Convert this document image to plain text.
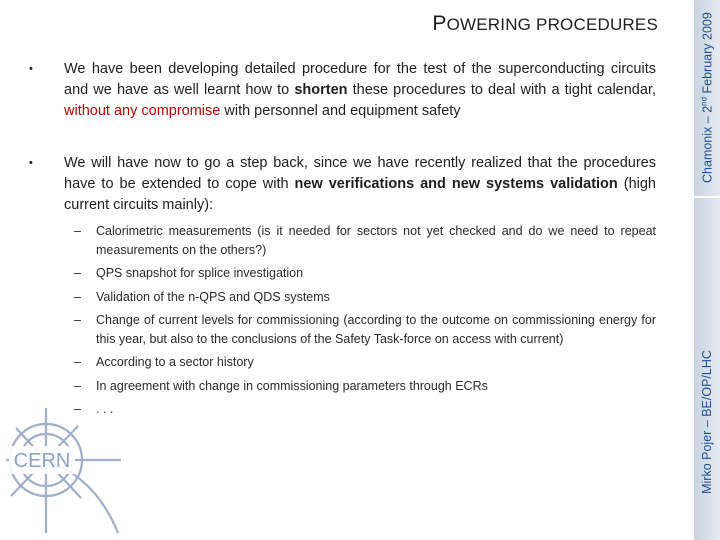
POWERING PROCEDURES
Chamonix – 2nd February 2009
Mirko Pojer – BE/OP/LHC
• We have been developing detailed procedure for the test of the superconducting circuits and we have as well learnt how to shorten these procedures to deal with a tight calendar, without any compromise with personnel and equipment safety
• We will have now to go a step back, since we have recently realized that the procedures have to be extended to cope with new verifications and new systems validation (high current circuits mainly):
– Calorimetric measurements (is it needed for sectors not yet checked and do we need to repeat measurements on the others?)
– QPS snapshot for splice investigation
– Validation of the n-QPS and QDS systems
– Change of current levels for commissioning (according to the outcome on commissioning energy for this year, but also to the conclusions of the Safety Task-force on access with current)
– According to a sector history
– In agreement with change in commissioning parameters through ECRs
– . . .
CERN
